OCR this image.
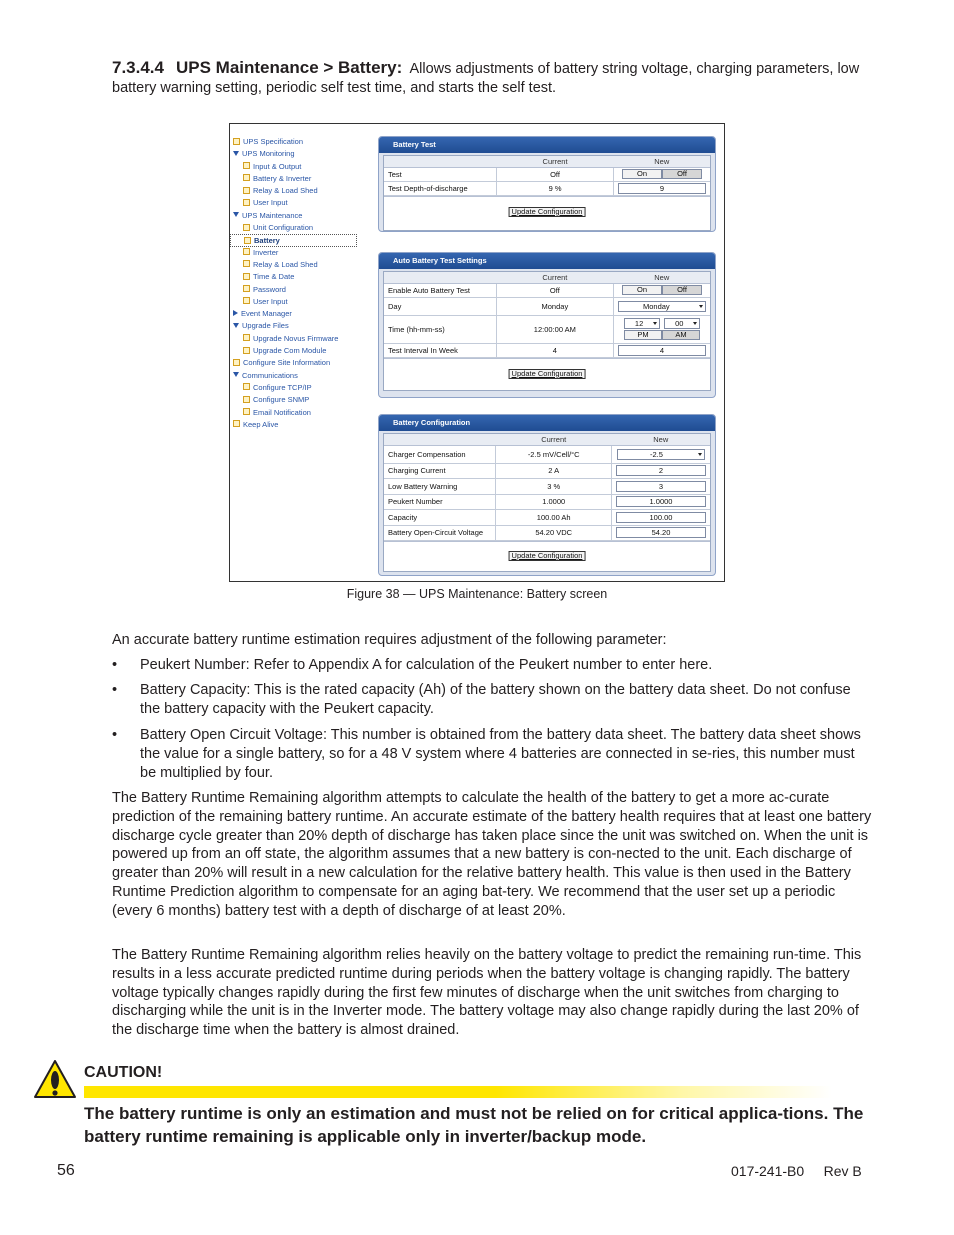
7.3.4.4 UPS Maintenance > Battery: Allows adjustments of battery string voltage, charging parameters, low battery warning setting, periodic self test time, and starts the self test.
UPS Specification
UPS Monitoring
Input & Output
Battery & Inverter
Relay & Load Shed
User Input
UPS Maintenance
Unit Configuration
Battery
Inverter
Relay & Load Shed
Time & Date
Password
User Input
Event Manager
Upgrade Files
Upgrade Novus Firmware
Upgrade Com Module
Configure Site Information
Communications
Configure TCP/IP
Configure SNMP
Email Notification
Keep Alive
Battery Test
	Current	New
Test	Off	On Off
Test Depth-of-discharge	9 %	9
Update Configuration
Auto Battery Test Settings
	Current	New
Enable Auto Battery Test	Off	On Off
Day	Monday	Monday

Time (hh-mm-ss)	12:00:00 AM	12 00
PM AM

Test Interval In Week	4	4
Update Configuration
Battery Configuration
	Current	New
Charger Compensation	-2.5 mV/Cell/°C	-2.5

Charging Current	2 A	2
Low Battery Warning	3 %	3
Peukert Number	1.0000	1.0000
Capacity	100.00 Ah	100.00
Battery Open-Circuit Voltage	54.20 VDC	54.20
Update Configuration
Figure 38 — UPS Maintenance: Battery screen
An accurate battery runtime estimation requires adjustment of the following parameter:
• Peukert Number: Refer to Appendix A for calculation of the Peukert number to enter here.
• Battery Capacity: This is the rated capacity (Ah) of the battery shown on the battery data sheet. Do not confuse the battery capacity with the Peukert capacity.
• Battery Open Circuit Voltage: This number is obtained from the battery data sheet. The battery data sheet shows the value for a single battery, so for a 48 V system where 4 batteries are connected in se-ries, this number must be multiplied by four.
The Battery Runtime Remaining algorithm attempts to calculate the health of the battery to get a more ac-curate prediction of the remaining battery runtime. An accurate estimate of the battery health requires that at least one battery discharge cycle greater than 20% depth of discharge has taken place since the unit was switched on. When the unit is powered up from an off state, the algorithm assumes that a new battery is con-nected to the unit. Each discharge of greater than 20% will result in a new calculation for the relative battery health. This value is then used in the Battery Runtime Prediction algorithm to compensate for an aging bat-tery. We recommend that the user set up a periodic (every 6 months) battery test with a depth of discharge of at least 20%.
The Battery Runtime Remaining algorithm relies heavily on the battery voltage to predict the remaining run-time. This results in a less accurate predicted runtime during periods when the battery voltage is changing rapidly. The battery voltage typically changes rapidly during the first few minutes of discharge when the unit switches from charging to discharging while the unit is in the Inverter mode. The battery voltage may also change rapidly during the last 20% of the discharge time when the battery is almost drained.
CAUTION!
The battery runtime is only an estimation and must not be relied on for critical applica-tions. The battery runtime remaining is applicable only in inverter/backup mode.
56	017-241-B0     Rev B
